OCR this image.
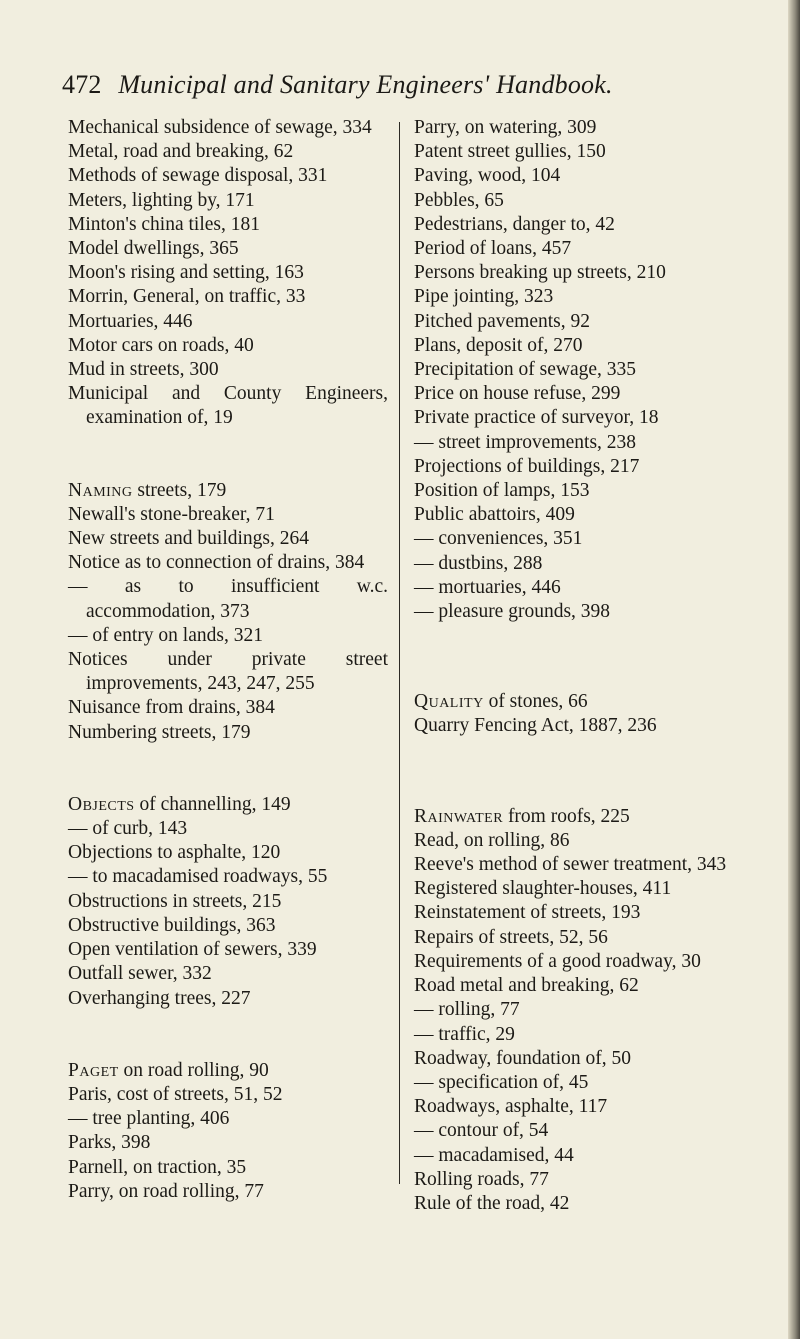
472 Municipal and Sanitary Engineers' Handbook.
Mechanical subsidence of sewage, 334
Metal, road and breaking, 62
Methods of sewage disposal, 331
Meters, lighting by, 171
Minton's china tiles, 181
Model dwellings, 365
Moon's rising and setting, 163
Morrin, General, on traffic, 33
Mortuaries, 446
Motor cars on roads, 40
Mud in streets, 300
Municipal and County Engineers, examination of, 19
Naming streets, 179
Newall's stone-breaker, 71
New streets and buildings, 264
Notice as to connection of drains, 384
— as to insufficient w.c. accommodation, 373
— of entry on lands, 321
Notices under private street improvements, 243, 247, 255
Nuisance from drains, 384
Numbering streets, 179
Objects of channelling, 149
— of curb, 143
Objections to asphalte, 120
— to macadamised roadways, 55
Obstructions in streets, 215
Obstructive buildings, 363
Open ventilation of sewers, 339
Outfall sewer, 332
Overhanging trees, 227
Paget on road rolling, 90
Paris, cost of streets, 51, 52
— tree planting, 406
Parks, 398
Parnell, on traction, 35
Parry, on road rolling, 77
Parry, on watering, 309
Patent street gullies, 150
Paving, wood, 104
Pebbles, 65
Pedestrians, danger to, 42
Period of loans, 457
Persons breaking up streets, 210
Pipe jointing, 323
Pitched pavements, 92
Plans, deposit of, 270
Precipitation of sewage, 335
Price on house refuse, 299
Private practice of surveyor, 18
— street improvements, 238
Projections of buildings, 217
Position of lamps, 153
Public abattoirs, 409
— conveniences, 351
— dustbins, 288
— mortuaries, 446
— pleasure grounds, 398
Quality of stones, 66
Quarry Fencing Act, 1887, 236
Rainwater from roofs, 225
Read, on rolling, 86
Reeve's method of sewer treatment, 343
Registered slaughter-houses, 411
Reinstatement of streets, 193
Repairs of streets, 52, 56
Requirements of a good roadway, 30
Road metal and breaking, 62
— rolling, 77
— traffic, 29
Roadway, foundation of, 50
— specification of, 45
Roadways, asphalte, 117
— contour of, 54
— macadamised, 44
Rolling roads, 77
Rule of the road, 42
